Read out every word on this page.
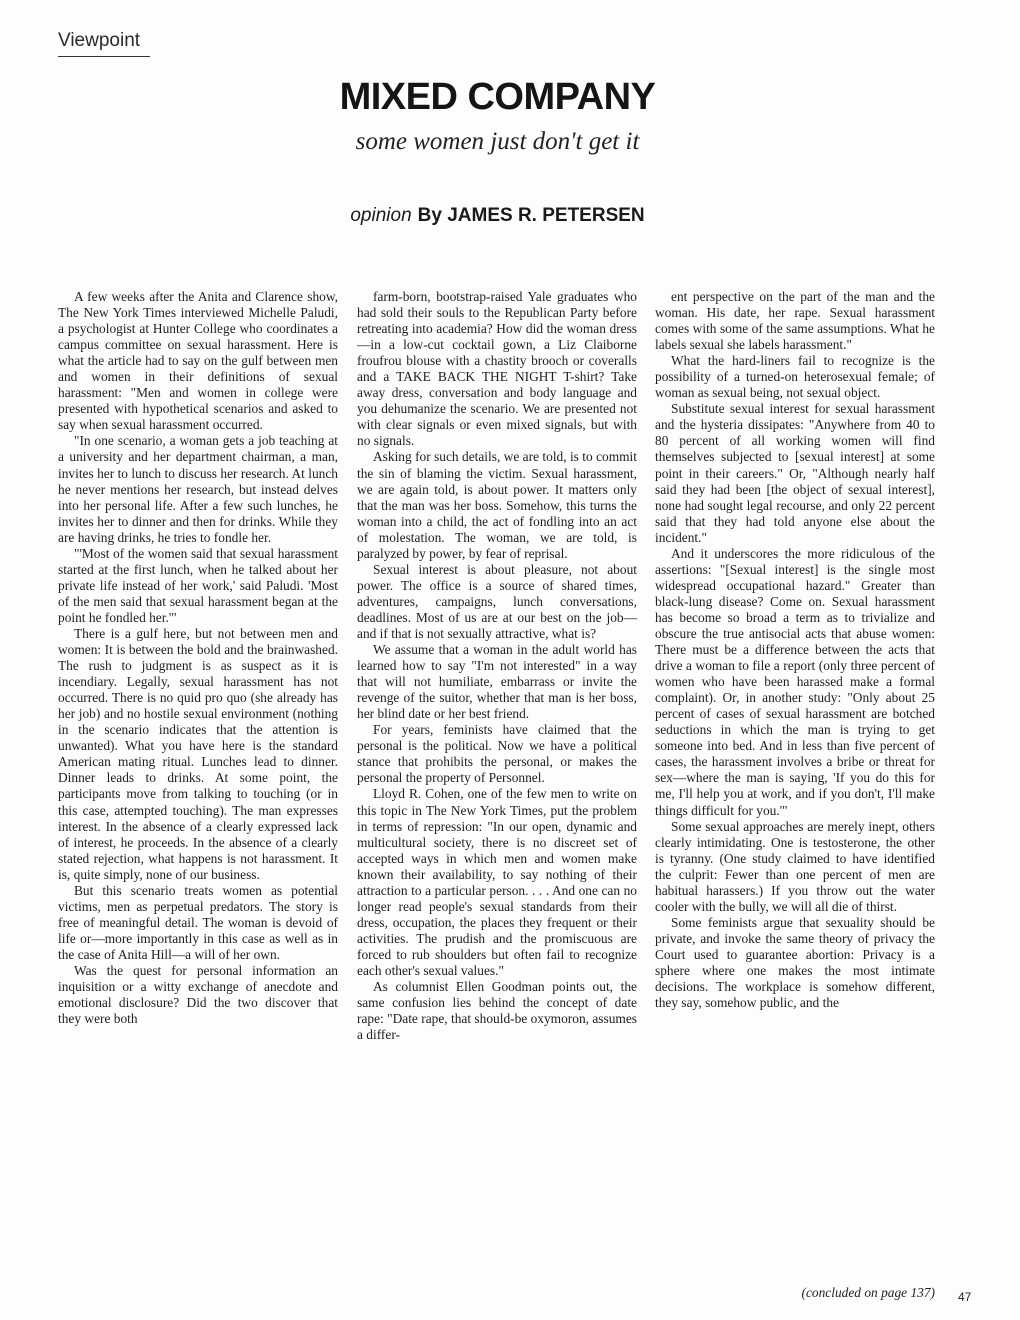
Viewpoint
MIXED COMPANY
some women just don't get it
opinion By JAMES R. PETERSEN

A few weeks after the Anita and Clarence show, The New York Times interviewed Michelle Paludi, a psychologist at Hunter College who coordinates a campus committee on sexual harassment. Here is what the article had to say on the gulf between men and women in their definitions of sexual harassment: "Men and women in college were presented with hypothetical scenarios and asked to say when sexual harassment occurred.

"In one scenario, a woman gets a job teaching at a university and her department chairman, a man, invites her to lunch to discuss her research. At lunch he never mentions her research, but instead delves into her personal life. After a few such lunches, he invites her to dinner and then for drinks. While they are having drinks, he tries to fondle her.

"'Most of the women said that sexual harassment started at the first lunch, when he talked about her private life instead of her work,' said Paludi. 'Most of the men said that sexual harassment began at the point he fondled her.'"

There is a gulf here, but not between men and women: It is between the bold and the brainwashed. The rush to judgment is as suspect as it is incendiary. Legally, sexual harassment has not occurred. There is no quid pro quo (she already has her job) and no hostile sexual environment (nothing in the scenario indicates that the attention is unwanted). What you have here is the standard American mating ritual. Lunches lead to dinner. Dinner leads to drinks. At some point, the participants move from talking to touching (or in this case, attempted touching). The man expresses interest. In the absence of a clearly expressed lack of interest, he proceeds. In the absence of a clearly stated rejection, what happens is not harassment. It is, quite simply, none of our business.

But this scenario treats women as potential victims, men as perpetual predators. The story is free of meaningful detail. The woman is devoid of life or—more importantly in this case as well as in the case of Anita Hill—a will of her own.

Was the quest for personal information an inquisition or a witty exchange of anecdote and emotional disclosure? Did the two discover that they were both

farm-born, bootstrap-raised Yale graduates who had sold their souls to the Republican Party before retreating into academia? How did the woman dress—in a low-cut cocktail gown, a Liz Claiborne froufrou blouse with a chastity brooch or coveralls and a TAKE BACK THE NIGHT T-shirt? Take away dress, conversation and body language and you dehumanize the scenario. We are presented not with clear signals or even mixed signals, but with no signals.

Asking for such details, we are told, is to commit the sin of blaming the victim. Sexual harassment, we are again told, is about power. It matters only that the man was her boss. Somehow, this turns the woman into a child, the act of fondling into an act of molestation. The woman, we are told, is paralyzed by power, by fear of reprisal.

Sexual interest is about pleasure, not about power. The office is a source of shared times, adventures, campaigns, lunch conversations, deadlines. Most of us are at our best on the job—and if that is not sexually attractive, what is?

We assume that a woman in the adult world has learned how to say "I'm not interested" in a way that will not humiliate, embarrass or invite the revenge of the suitor, whether that man is her boss, her blind date or her best friend.

For years, feminists have claimed that the personal is the political. Now we have a political stance that prohibits the personal, or makes the personal the property of Personnel.

Lloyd R. Cohen, one of the few men to write on this topic in The New York Times, put the problem in terms of repression: "In our open, dynamic and multicultural society, there is no discreet set of accepted ways in which men and women make known their availability, to say nothing of their attraction to a particular person. . . . And one can no longer read people's sexual standards from their dress, occupation, the places they frequent or their activities. The prudish and the promiscuous are forced to rub shoulders but often fail to recognize each other's sexual values."

As columnist Ellen Goodman points out, the same confusion lies behind the concept of date rape: "Date rape, that should-be oxymoron, assumes a differ-

ent perspective on the part of the man and the woman. His date, her rape. Sexual harassment comes with some of the same assumptions. What he labels sexual she labels harassment."

What the hard-liners fail to recognize is the possibility of a turned-on heterosexual female; of woman as sexual being, not sexual object.

Substitute sexual interest for sexual harassment and the hysteria dissipates: "Anywhere from 40 to 80 percent of all working women will find themselves subjected to [sexual interest] at some point in their careers." Or, "Although nearly half said they had been [the object of sexual interest], none had sought legal recourse, and only 22 percent said that they had told anyone else about the incident."

And it underscores the more ridiculous of the assertions: "[Sexual interest] is the single most widespread occupational hazard." Greater than black-lung disease? Come on. Sexual harassment has become so broad a term as to trivialize and obscure the true antisocial acts that abuse women: There must be a difference between the acts that drive a woman to file a report (only three percent of women who have been harassed make a formal complaint). Or, in another study: "Only about 25 percent of cases of sexual harassment are botched seductions in which the man is trying to get someone into bed. And in less than five percent of cases, the harassment involves a bribe or threat for sex—where the man is saying, 'If you do this for me, I'll help you at work, and if you don't, I'll make things difficult for you.'"

Some sexual approaches are merely inept, others clearly intimidating. One is testosterone, the other is tyranny. (One study claimed to have identified the culprit: Fewer than one percent of men are habitual harassers.) If you throw out the water cooler with the bully, we will all die of thirst.

Some feminists argue that sexuality should be private, and invoke the same theory of privacy the Court used to guarantee abortion: Privacy is a sphere where one makes the most intimate decisions. The workplace is somehow different, they say, somehow public, and the

(concluded on page 137) 47
